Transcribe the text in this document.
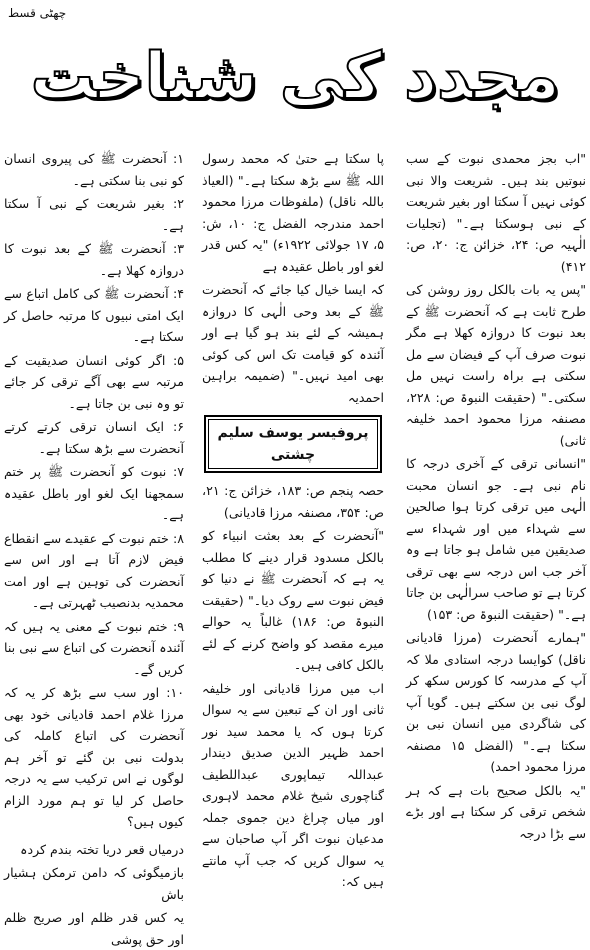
چھٹی قسط
مجدد کی شناخت

"اب بجز محمدی نبوت کے سب نبوتیں بند ہیں۔ شریعت والا نبی کوئی نہیں آ سکتا اور بغیر شریعت کے نبی ہوسکتا ہے۔" (تجلیات الٰہیہ ص: ۲۴، خزائن ج: ۲۰، ص: ۴۱۲)

"پس یہ بات بالکل روز روشن کی طرح ثابت ہے کہ آنحضرت ﷺ کے بعد نبوت کا دروازہ کھلا ہے مگر نبوت صرف آپ کے فیضان سے مل سکتی ہے براہ راست نہیں مل سکتی۔" (حقیقت النبوۃ ص: ۲۲۸، مصنفہ مرزا محمود احمد خلیفہ ثانی)

"انسانی ترقی کے آخری درجہ کا نام نبی ہے۔ جو انسان محبت الٰہی میں ترقی کرتا ہوا صالحین سے شہداء میں اور شہداء سے صدیقین میں شامل ہو جاتا ہے وہ آخر جب اس درجہ سے بھی ترقی کرتا ہے تو صاحب سرالٰہی بن جاتا ہے۔" (حقیقت النبوۃ ص: ۱۵۳)

"ہمارے آنحضرت (مرزا قادیانی ناقل) کوایسا درجہ استادی ملا کہ آپ کے مدرسہ کا کورس سکھ کر لوگ نبی بن سکتے ہیں۔ گویا آپ کی شاگردی میں انسان نبی بن سکتا ہے۔" (الفضل ۱۵ مصنفہ مرزا محمود احمد)

"یہ بالکل صحیح بات ہے کہ ہر شخص ترقی کر سکتا ہے اور بڑے سے بڑا درجہ

پا سکتا ہے حتیٰ کہ محمد رسول اللہ ﷺ سے بڑھ سکتا ہے۔" (العیاذ باللہ ناقل) (ملفوظات مرزا محمود احمد مندرجہ الفضل ج: ۱۰، ش: ۵، ۱۷ جولائی ۱۹۲۲ء) "یہ کس قدر لغو اور باطل عقیدہ ہے

کہ ایسا خیال کیا جائے کہ آنحضرت ﷺ کے بعد وحی الٰہی کا دروازہ ہمیشہ کے لئے بند ہو گیا ہے اور آئندہ کو قیامت تک اس کی کوئی بھی امید نہیں۔" (ضمیمہ براہین احمدیہ

پروفیسر یوسف سلیم چشتی

حصہ پنجم ص: ۱۸۳، خزائن ج: ۲۱، ص: ۳۵۴، مصنفہ مرزا قادیانی)

"آنحضرت کے بعد بعثت انبیاء کو بالکل مسدود قرار دینے کا مطلب یہ ہے کہ آنحضرت ﷺ نے دنیا کو فیض نبوت سے روک دیا۔" (حقیقت النبوۃ ص: ۱۸۶) غالباً یہ حوالے میرے مقصد کو واضح کرنے کے لئے بالکل کافی ہیں۔

اب میں مرزا قادیانی اور خلیفہ ثانی اور ان کے تبعین سے یہ سوال کرتا ہوں کہ یا محمد سید نور احمد ظہیر الدین صدیق دیندار عبداللہ تیماپوری عبداللطیف گناچوری شیخ غلام محمد لاہوری اور میاں چراغ دین جموی جملہ مدعیان نبوت اگر آپ صاحبان سے یہ سوال کریں کہ جب آپ مانتے ہیں کہ:

۱: آنحضرت ﷺ کی پیروی انسان کو نبی بنا سکتی ہے۔

۲: بغیر شریعت کے نبی آ سکتا ہے۔

۳: آنحضرت ﷺ کے بعد نبوت کا دروازہ کھلا ہے۔

۴: آنحضرت ﷺ کی کامل اتباع سے ایک امتی نبیوں کا مرتبہ حاصل کر سکتا ہے۔

۵: اگر کوئی انسان صدیقیت کے مرتبہ سے بھی آگے ترقی کر جائے تو وہ نبی بن جاتا ہے۔

۶: ایک انسان ترقی کرتے کرتے آنحضرت سے بڑھ سکتا ہے۔

۷: نبوت کو آنحضرت ﷺ پر ختم سمجھنا ایک لغو اور باطل عقیدہ ہے۔

۸: ختم نبوت کے عقیدے سے انقطاع فیض لازم آتا ہے اور اس سے آنحضرت کی توہین ہے اور امت محمدیہ بدنصیب ٹھہرتی ہے۔

۹: ختم نبوت کے معنی یہ ہیں کہ آئندہ آنحضرت کی اتباع سے نبی بنا کریں گے۔

۱۰: اور سب سے بڑھ کر یہ کہ مرزا غلام احمد قادیانی خود بھی آنحضرت کی اتباع کاملہ کی بدولت نبی بن گئے تو آخر ہم لوگوں نے اس ترکیب سے یہ درجہ حاصل کر لیا تو ہم مورد الزام کیوں ہیں؟

درمیاں قعر دریا تختہ بندم کردہ
بازمیگوئی کہ دامن ترمکن ہشیار باش
یہ کس قدر ظلم اور صریح ظلم اور حق پوشی
